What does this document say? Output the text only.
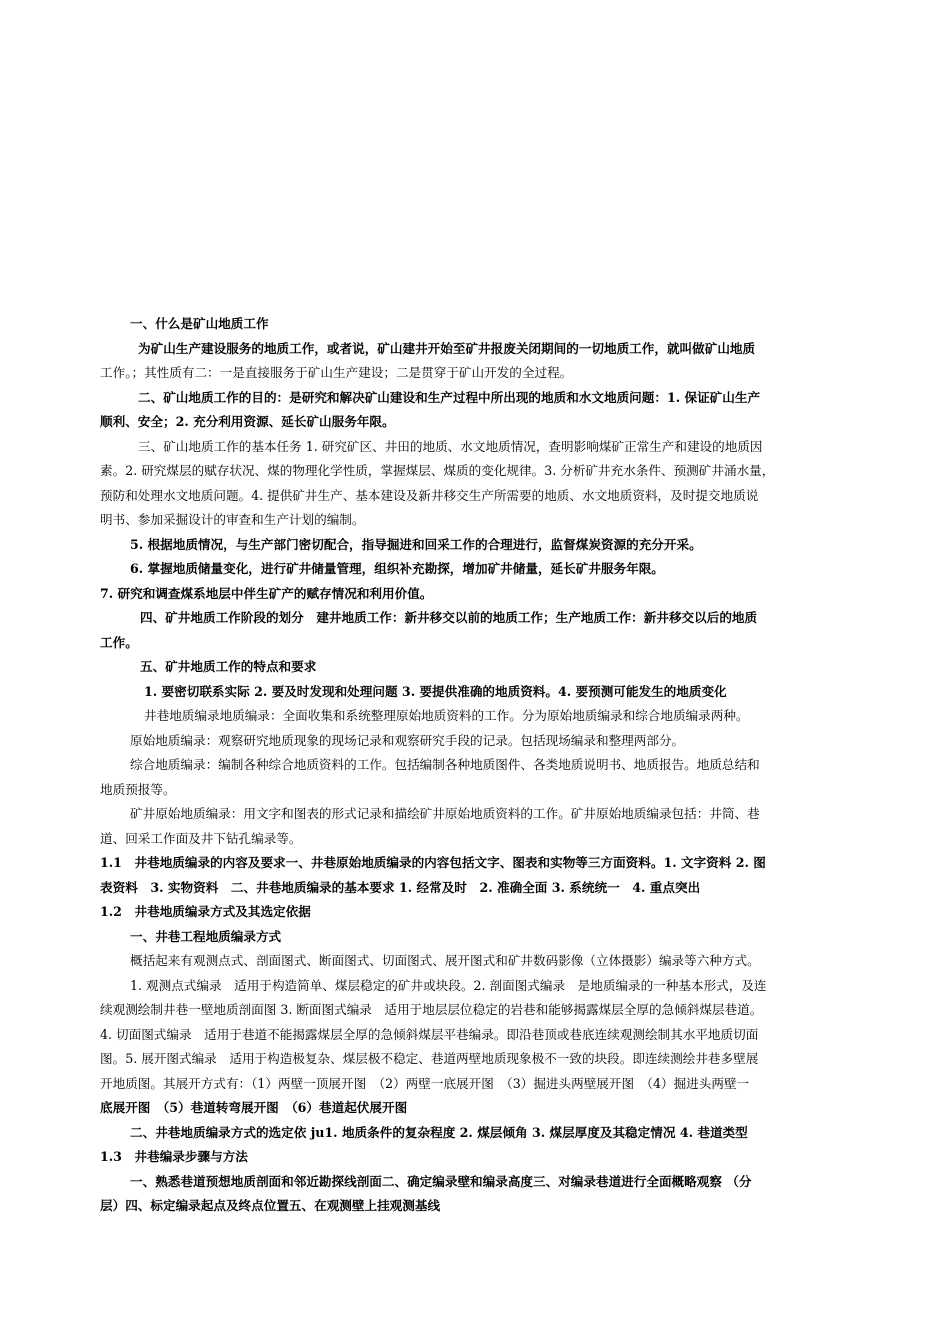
一、什么是矿山地质工作
为矿山生产建设服务的地质工作，或者说，矿山建井开始至矿井报废关闭期间的一切地质工作，就叫做矿山地质
工作。；其性质有二：一是直接服务于矿山生产建设；二是贯穿于矿山开发的全过程。
二、矿山地质工作的目的：是研究和解决矿山建设和生产过程中所出现的地质和水文地质问题：1. 保证矿山生产
顺利、安全；2. 充分利用资源、延长矿山服务年限。
三、矿山地质工作的基本任务 1. 研究矿区、井田的地质、水文地质情况，查明影响煤矿正常生产和建设的地质因
素。2. 研究煤层的赋存状况、煤的物理化学性质，掌握煤层、煤质的变化规律。3. 分析矿井充水条件、预测矿井涌水量，
预防和处理水文地质问题。4. 提供矿井生产、基本建设及新井移交生产所需要的地质、水文地质资料，及时提交地质说
明书、参加采掘设计的审查和生产计划的编制。
5. 根据地质情况，与生产部门密切配合，指导掘进和回采工作的合理进行，监督煤炭资源的充分开采。
6. 掌握地质储量变化，进行矿井储量管理，组织补充勘探，增加矿井储量，延长矿井服务年限。
7. 研究和调查煤系地层中伴生矿产的赋存情况和利用价值。
四、矿井地质工作阶段的划分　建井地质工作：新井移交以前的地质工作；生产地质工作：新井移交以后的地质
工作。
五、矿井地质工作的特点和要求
1. 要密切联系实际 2. 要及时发现和处理问题 3. 要提供准确的地质资料。4. 要预测可能发生的地质变化
井巷地质编录地质编录：全面收集和系统整理原始地质资料的工作。分为原始地质编录和综合地质编录两种。
原始地质编录：观察研究地质现象的现场记录和观察研究手段的记录。包括现场编录和整理两部分。
综合地质编录：编制各种综合地质资料的工作。包括编制各种地质图件、各类地质说明书、地质报告。地质总结和
地质预报等。
矿井原始地质编录：用文字和图表的形式记录和描绘矿井原始地质资料的工作。矿井原始地质编录包括：井筒、巷
道、回采工作面及井下钻孔编录等。
1.1　井巷地质编录的内容及要求一、井巷原始地质编录的内容包括文字、图表和实物等三方面资料。1. 文字资料 2. 图
表资料　3. 实物资料　二、井巷地质编录的基本要求 1. 经常及时　2. 准确全面 3. 系统统一　4. 重点突出
1.2　井巷地质编录方式及其选定依据
一、井巷工程地质编录方式
概括起来有观测点式、剖面图式、断面图式、切面图式、展开图式和矿井数码影像（立体摄影）编录等六种方式。
1. 观测点式编录　适用于构造简单、煤层稳定的矿井或块段。2. 剖面图式编录　是地质编录的一种基本形式，及连
续观测绘制井巷一壁地质剖面图 3. 断面图式编录　适用于地层层位稳定的岩巷和能够揭露煤层全厚的急倾斜煤层巷道。
4. 切面图式编录　适用于巷道不能揭露煤层全厚的急倾斜煤层平巷编录。即沿巷顶或巷底连续观测绘制其水平地质切面
图。5. 展开图式编录　适用于构造极复杂、煤层极不稳定、巷道两壁地质现象极不一致的块段。即连续测绘井巷多壁展
开地质图。其展开方式有：（1）两壁一顶展开图　（2）两壁一底展开图　（3）掘进头两壁展开图　（4）掘进头两壁一
底展开图　（5）巷道转弯展开图　（6）巷道起伏展开图
二、井巷地质编录方式的选定依 ju1. 地质条件的复杂程度 2. 煤层倾角 3. 煤层厚度及其稳定情况 4. 巷道类型
1.3　井巷编录步骤与方法
一、熟悉巷道预想地质剖面和邻近勘探线剖面二、确定编录壁和编录高度三、对编录巷道进行全面概略观察 （分
层）四、标定编录起点及终点位置五、在观测壁上挂观测基线
